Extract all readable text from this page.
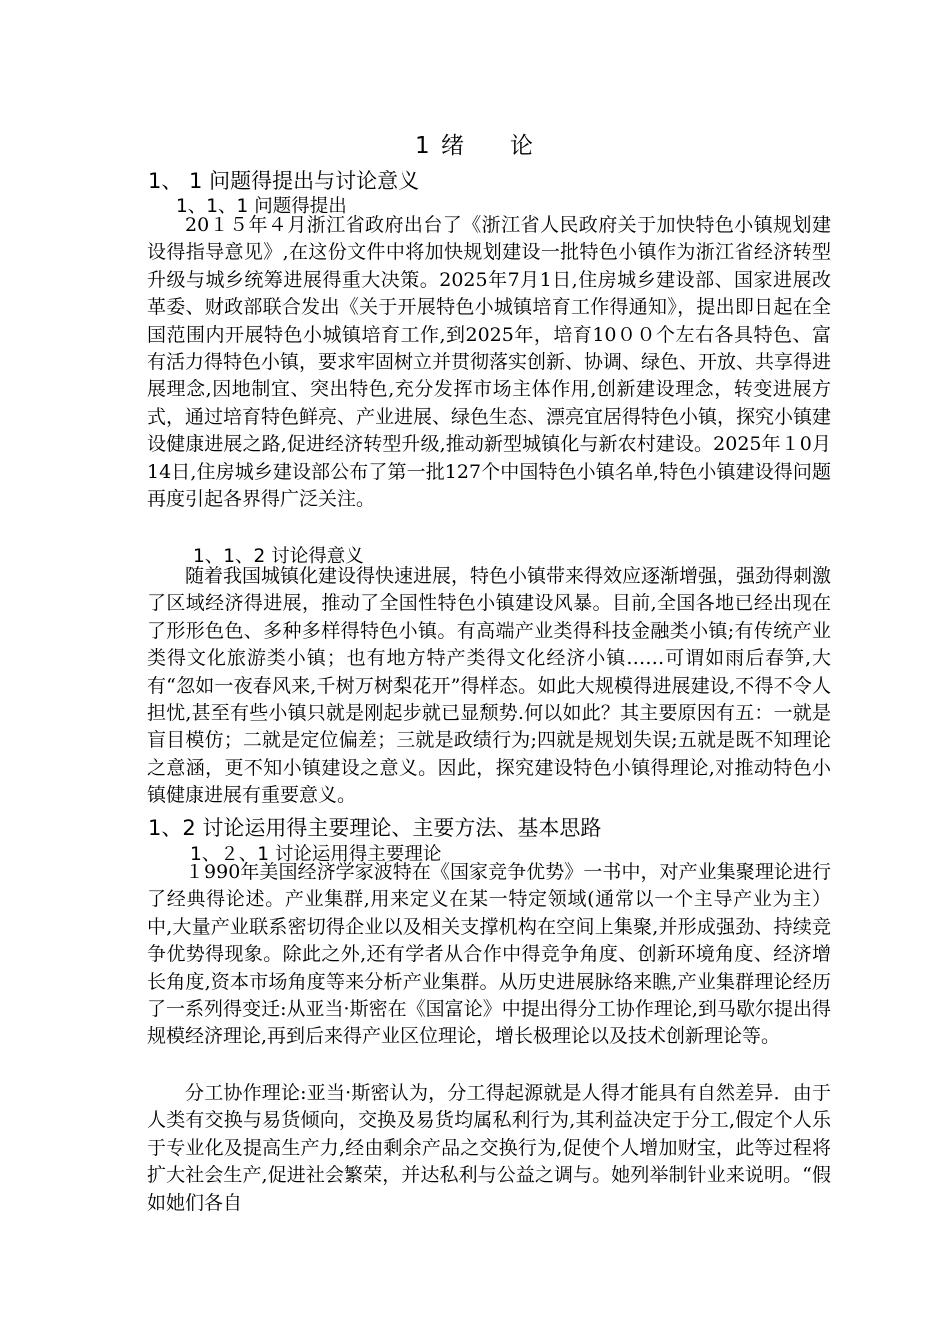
1 绪 论
1、 1 问题得提出与讨论意义
1、1、1 问题得提出

20１５年４月浙江省政府出台了《浙江省人民政府关于加快特色小镇规划建设得指导意见》,在这份文件中将加快规划建设一批特色小镇作为浙江省经济转型升级与城乡统筹进展得重大决策。2025年7月1日,住房城乡建设部、国家进展改革委、财政部联合发出《关于开展特色小城镇培育工作得通知》，提出即日起在全国范围内开展特色小城镇培育工作,到2025年，培育10００个左右各具特色、富有活力得特色小镇，要求牢固树立并贯彻落实创新、协调、绿色、开放、共享得进展理念,因地制宜、突出特色,充分发挥市场主体作用,创新建设理念，转变进展方式，通过培育特色鲜亮、产业进展、绿色生态、漂亮宜居得特色小镇，探究小镇建设健康进展之路,促进经济转型升级,推动新型城镇化与新农村建设。2025年１0月14日,住房城乡建设部公布了第一批127个中国特色小镇名单,特色小镇建设得问题再度引起各界得广泛关注。

1、1、2 讨论得意义

随着我国城镇化建设得快速进展，特色小镇带来得效应逐渐增强，强劲得刺激了区域经济得进展，推动了全国性特色小镇建设风暴。目前,全国各地已经出现在了形形色色、多种多样得特色小镇。有高端产业类得科技金融类小镇;有传统产业类得文化旅游类小镇；也有地方特产类得文化经济小镇……可谓如雨后春笋,大有“忽如一夜春风来,千树万树梨花开”得样态。如此大规模得进展建设,不得不令人担忧,甚至有些小镇只就是刚起步就已显颓势.何以如此？其主要原因有五：一就是盲目模仿；二就是定位偏差；三就是政绩行为;四就是规划失误;五就是既不知理论之意涵，更不知小镇建设之意义。因此，探究建设特色小镇得理论,对推动特色小镇健康进展有重要意义。

1、2 讨论运用得主要理论、主要方法、基本思路
1、２、1 讨论运用得主要理论

１990年美国经济学家波特在《国家竞争优势》一书中，对产业集聚理论进行了经典得论述。产业集群,用来定义在某一特定领域(通常以一个主导产业为主）中,大量产业联系密切得企业以及相关支撑机构在空间上集聚,并形成强劲、持续竞争优势得现象。除此之外,还有学者从合作中得竞争角度、创新环境角度、经济增长角度,资本市场角度等来分析产业集群。从历史进展脉络来瞧,产业集群理论经历了一系列得变迁:从亚当·斯密在《国富论》中提出得分工协作理论,到马歇尔提出得规模经济理论,再到后来得产业区位理论，增长极理论以及技术创新理论等。

分工协作理论:亚当·斯密认为，分工得起源就是人得才能具有自然差异．由于人类有交换与易货倾向，交换及易货均属私利行为,其利益决定于分工,假定个人乐于专业化及提高生产力,经由剩余产品之交换行为,促使个人增加财宝，此等过程将扩大社会生产,促进社会繁荣，并达私利与公益之调与。她列举制针业来说明。“假如她们各自
